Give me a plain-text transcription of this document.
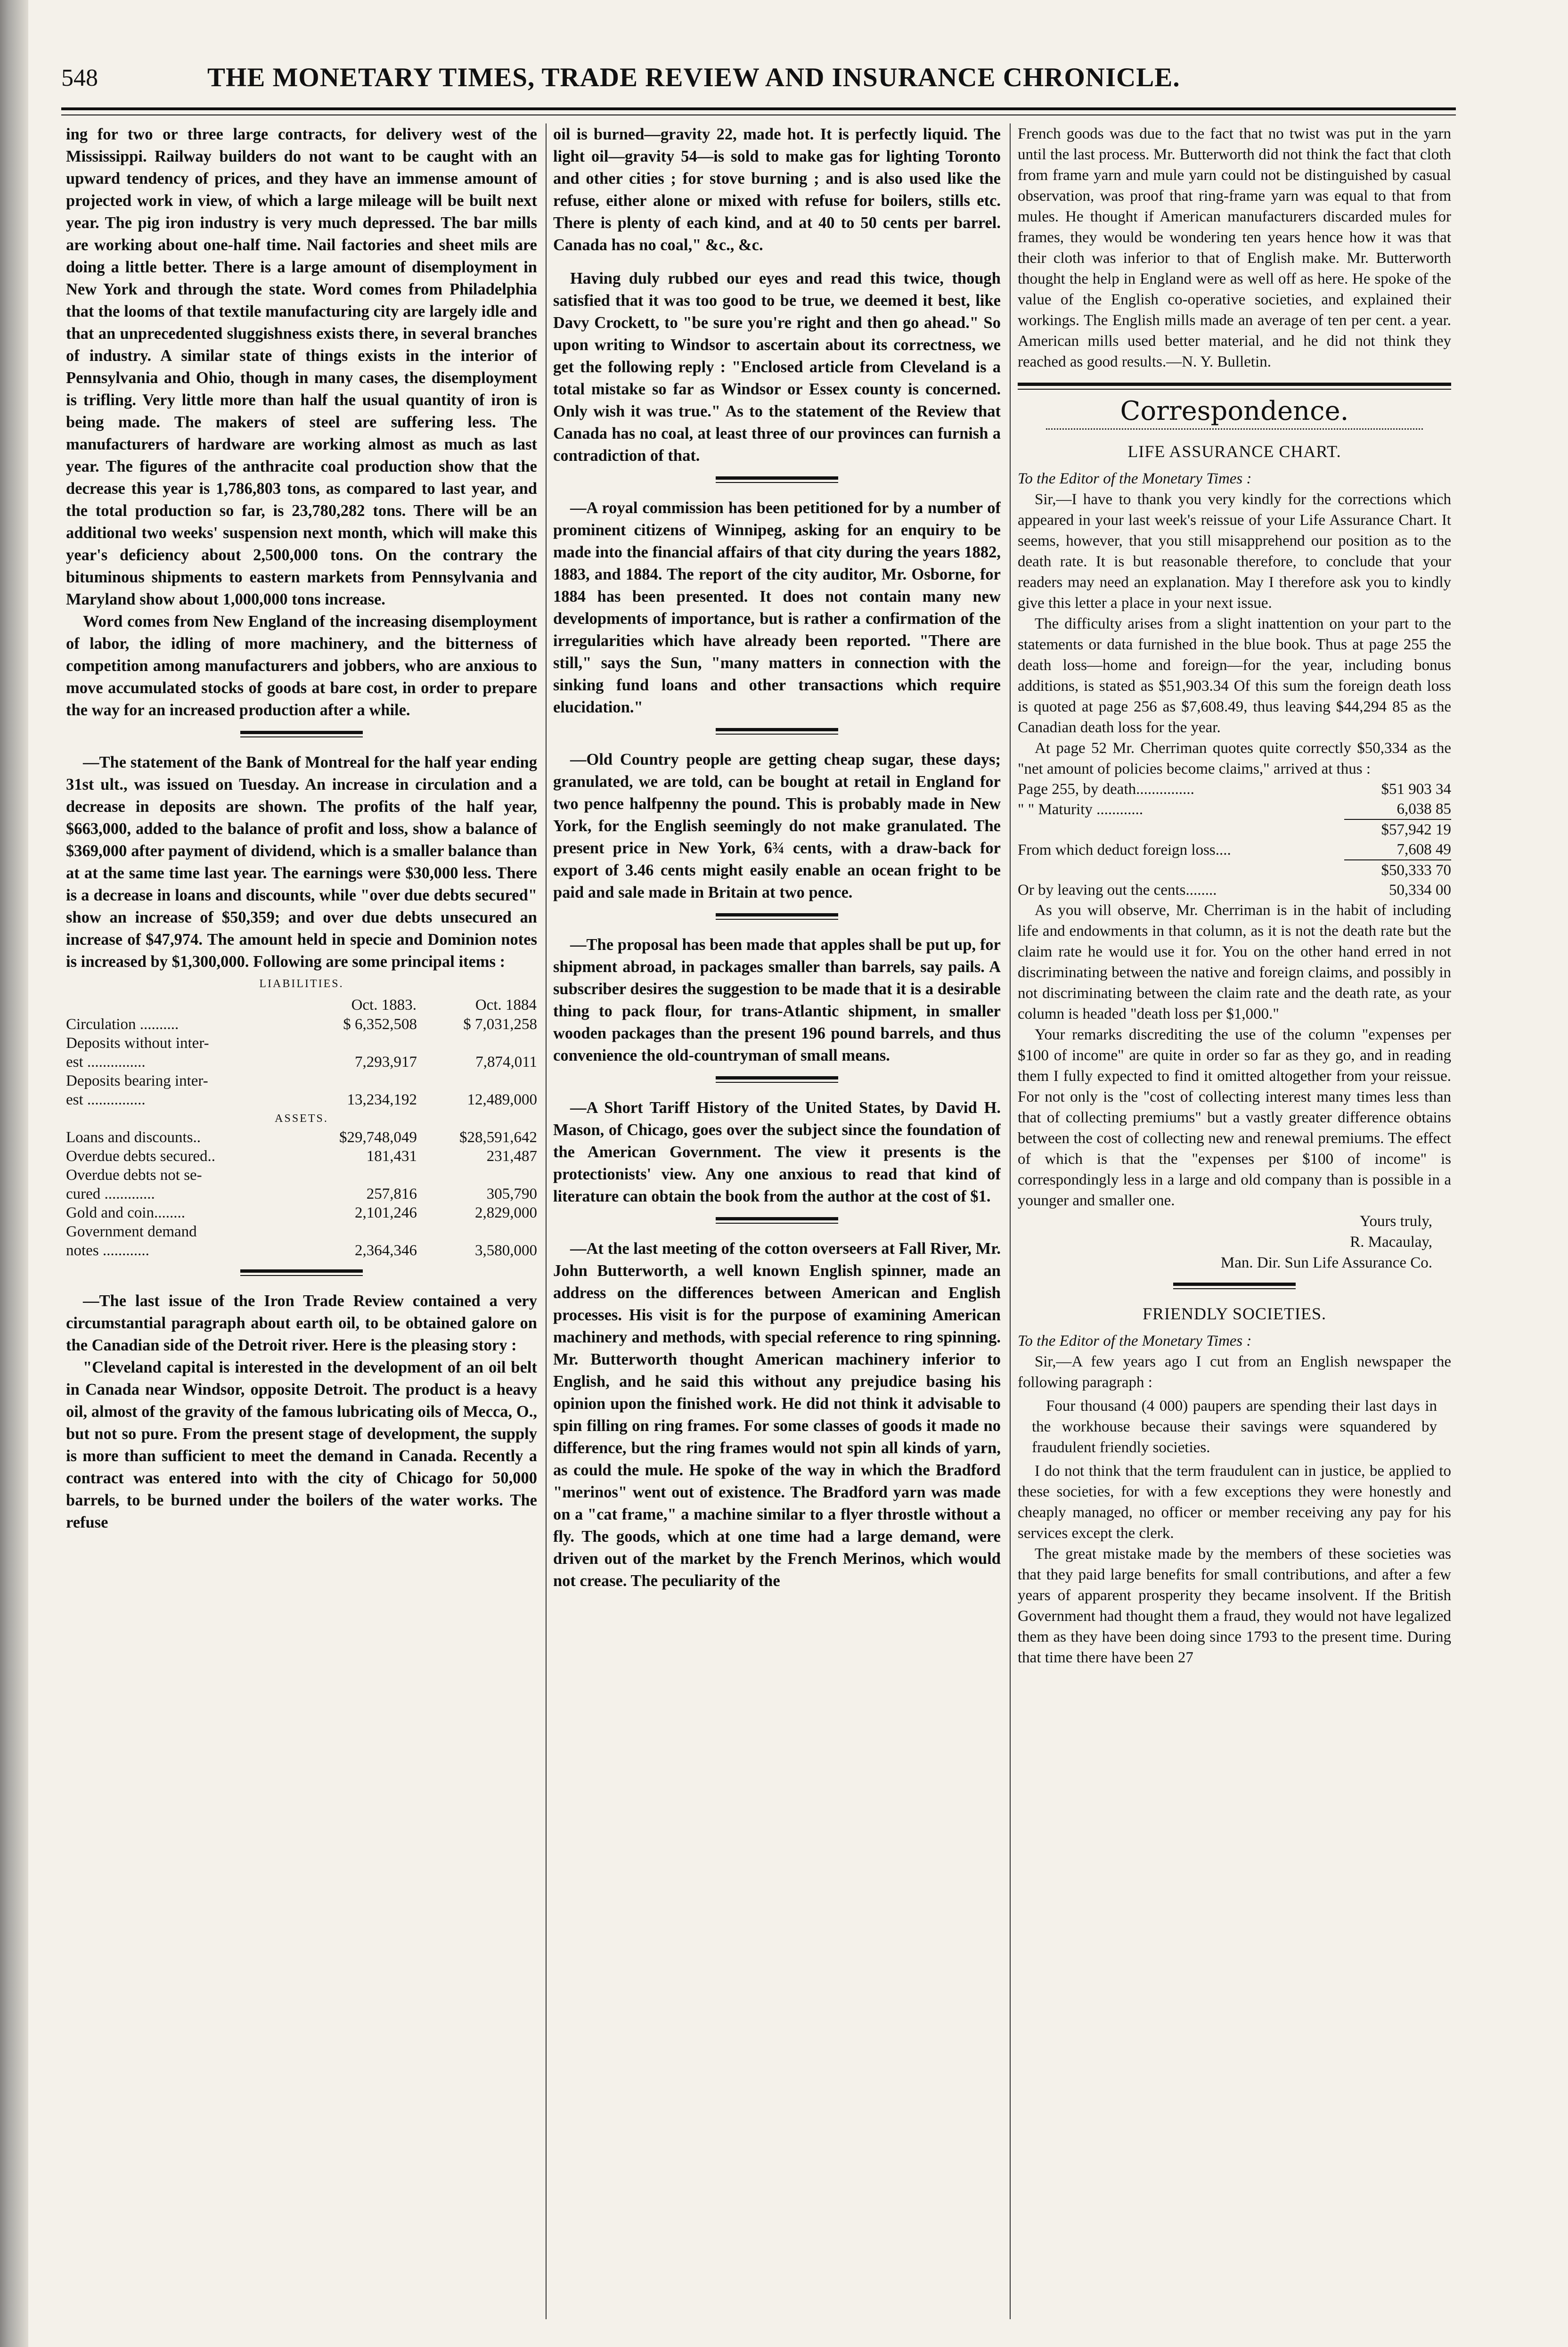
548	THE MONETARY TIMES, TRADE REVIEW AND INSURANCE CHRONICLE.

ing for two or three large contracts, for delivery west of the Mississippi. Railway builders do not want to be caught with an upward tendency of prices, and they have an immense amount of projected work in view, of which a large mileage will be built next year. The pig iron industry is very much depressed. The bar mills are working about one-half time. Nail factories and sheet mils are doing a little better. There is a large amount of disemployment in New York and through the state. Word comes from Philadelphia that the looms of that textile manufacturing city are largely idle and that an unprecedented sluggishness exists there, in several branches of industry. A similar state of things exists in the interior of Pennsylvania and Ohio, though in many cases, the disemployment is trifling. Very little more than half the usual quantity of iron is being made. The makers of steel are suffering less. The manufacturers of hardware are working almost as much as last year. The figures of the anthracite coal production show that the decrease this year is 1,786,803 tons, as compared to last year, and the total production so far, is 23,780,282 tons. There will be an additional two weeks' suspension next month, which will make this year's deficiency about 2,500,000 tons. On the contrary the bituminous shipments to eastern markets from Pennsylvania and Maryland show about 1,000,000 tons increase.

Word comes from New England of the increasing disemployment of labor, the idling of more machinery, and the bitterness of competition among manufacturers and jobbers, who are anxious to move accumulated stocks of goods at bare cost, in order to prepare the way for an increased production after a while.

—The statement of the Bank of Montreal for the half year ending 31st ult., was issued on Tuesday. An increase in circulation and a decrease in deposits are shown. The profits of the half year, $663,000, added to the balance of profit and loss, show a balance of $369,000 after payment of dividend, which is a smaller balance than at at the same time last year. The earnings were $30,000 less. There is a decrease in loans and discounts, while "over due debts secured" show an increase of $50,359; and over due debts unsecured an increase of $47,974. The amount held in specie and Dominion notes is increased by $1,300,000. Following are some principal items :

LIABILITIES.
	Oct. 1883.	Oct. 1884
Circulation ..........	$ 6,352,508	$ 7,031,258
Deposits without inter-		
est ...............	7,293,917	7,874,011
Deposits bearing inter-		
est ...............	13,234,192	12,489,000
ASSETS.		
Loans and discounts..	$29,748,049	$28,591,642
Overdue debts secured..	181,431	231,487
Overdue debts not se-		
cured .............	257,816	305,790
Gold and coin........	2,101,246	2,829,000
Government demand		
notes ............	2,364,346	3,580,000

—The last issue of the Iron Trade Review contained a very circumstantial paragraph about earth oil, to be obtained galore on the Canadian side of the Detroit river. Here is the pleasing story :

"Cleveland capital is interested in the development of an oil belt in Canada near Windsor, opposite Detroit. The product is a heavy oil, almost of the gravity of the famous lubricating oils of Mecca, O., but not so pure. From the present stage of development, the supply is more than sufficient to meet the demand in Canada. Recently a contract was entered into with the city of Chicago for 50,000 barrels, to be burned under the boilers of the water works. The refuse

oil is burned—gravity 22, made hot. It is perfectly liquid. The light oil—gravity 54—is sold to make gas for lighting Toronto and other cities ; for stove burning ; and is also used like the refuse, either alone or mixed with refuse for boilers, stills etc. There is plenty of each kind, and at 40 to 50 cents per barrel. Canada has no coal," &c., &c.

Having duly rubbed our eyes and read this twice, though satisfied that it was too good to be true, we deemed it best, like Davy Crockett, to "be sure you're right and then go ahead." So upon writing to Windsor to ascertain about its correctness, we get the following reply : "Enclosed article from Cleveland is a total mistake so far as Windsor or Essex county is concerned. Only wish it was true." As to the statement of the Review that Canada has no coal, at least three of our provinces can furnish a contradiction of that.

—A royal commission has been petitioned for by a number of prominent citizens of Winnipeg, asking for an enquiry to be made into the financial affairs of that city during the years 1882, 1883, and 1884. The report of the city auditor, Mr. Osborne, for 1884 has been presented. It does not contain many new developments of importance, but is rather a confirmation of the irregularities which have already been reported. "There are still," says the Sun, "many matters in connection with the sinking fund loans and other transactions which require elucidation."

—Old Country people are getting cheap sugar, these days; granulated, we are told, can be bought at retail in England for two pence halfpenny the pound. This is probably made in New York, for the English seemingly do not make granulated. The present price in New York, 6¾ cents, with a draw-back for export of 3.46 cents might easily enable an ocean fright to be paid and sale made in Britain at two pence.

—The proposal has been made that apples shall be put up, for shipment abroad, in packages smaller than barrels, say pails. A subscriber desires the suggestion to be made that it is a desirable thing to pack flour, for trans-Atlantic shipment, in smaller wooden packages than the present 196 pound barrels, and thus convenience the old-countryman of small means.

—A Short Tariff History of the United States, by David H. Mason, of Chicago, goes over the subject since the foundation of the American Government. The view it presents is the protectionists' view. Any one anxious to read that kind of literature can obtain the book from the author at the cost of $1.

—At the last meeting of the cotton overseers at Fall River, Mr. John Butterworth, a well known English spinner, made an address on the differences between American and English processes. His visit is for the purpose of examining American machinery and methods, with special reference to ring spinning. Mr. Butterworth thought American machinery inferior to English, and he said this without any prejudice basing his opinion upon the finished work. He did not think it advisable to spin filling on ring frames. For some classes of goods it made no difference, but the ring frames would not spin all kinds of yarn, as could the mule. He spoke of the way in which the Bradford "merinos" went out of existence. The Bradford yarn was made on a "cat frame," a machine similar to a flyer throstle without a fly. The goods, which at one time had a large demand, were driven out of the market by the French Merinos, which would not crease. The peculiarity of the

French goods was due to the fact that no twist was put in the yarn until the last process. Mr. Butterworth did not think the fact that cloth from frame yarn and mule yarn could not be distinguished by casual observation, was proof that ring-frame yarn was equal to that from mules. He thought if American manufacturers discarded mules for frames, they would be wondering ten years hence how it was that their cloth was inferior to that of English make. Mr. Butterworth thought the help in England were as well off as here. He spoke of the value of the English co-operative societies, and explained their workings. The English mills made an average of ten per cent. a year. American mills used better material, and he did not think they reached as good results.—N. Y. Bulletin.

Correspondence.
LIFE ASSURANCE CHART.

To the Editor of the Monetary Times :

Sir,—I have to thank you very kindly for the corrections which appeared in your last week's reissue of your Life Assurance Chart. It seems, however, that you still misapprehend our position as to the death rate. It is but reasonable therefore, to conclude that your readers may need an explanation. May I therefore ask you to kindly give this letter a place in your next issue.

The difficulty arises from a slight inattention on your part to the statements or data furnished in the blue book. Thus at page 255 the death loss—home and foreign—for the year, including bonus additions, is stated as $51,903.34 Of this sum the foreign death loss is quoted at page 256 as $7,608.49, thus leaving $44,294 85 as the Canadian death loss for the year.

At page 52 Mr. Cherriman quotes quite correctly $50,334 as the "net amount of policies become claims," arrived at thus :

Page 255, by death...............	$51 903 34
" " Maturity ............	6,038 85
	$57,942 19
From which deduct foreign loss....	7,608 49
	$50,333 70
Or by leaving out the cents........	50,334 00

As you will observe, Mr. Cherriman is in the habit of including life and endowments in that column, as it is not the death rate but the claim rate he would use it for. You on the other hand erred in not discriminating between the native and foreign claims, and possibly in not discriminating between the claim rate and the death rate, as your column is headed "death loss per $1,000."

Your remarks discrediting the use of the column "expenses per $100 of income" are quite in order so far as they go, and in reading them I fully expected to find it omitted altogether from your reissue. For not only is the "cost of collecting interest many times less than that of collecting premiums" but a vastly greater difference obtains between the cost of collecting new and renewal premiums. The effect of which is that the "expenses per $100 of income" is correspondingly less in a large and old company than is possible in a younger and smaller one.

Yours truly,

R. Macaulay,

Man. Dir. Sun Life Assurance Co.

FRIENDLY SOCIETIES.

To the Editor of the Monetary Times :

Sir,—A few years ago I cut from an English newspaper the following paragraph :

Four thousand (4 000) paupers are spending their last days in the workhouse because their savings were squandered by fraudulent friendly societies.

I do not think that the term fraudulent can in justice, be applied to these societies, for with a few exceptions they were honestly and cheaply managed, no officer or member receiving any pay for his services except the clerk.

The great mistake made by the members of these societies was that they paid large benefits for small contributions, and after a few years of apparent prosperity they became insolvent. If the British Government had thought them a fraud, they would not have legalized them as they have been doing since 1793 to the present time. During that time there have been 27
